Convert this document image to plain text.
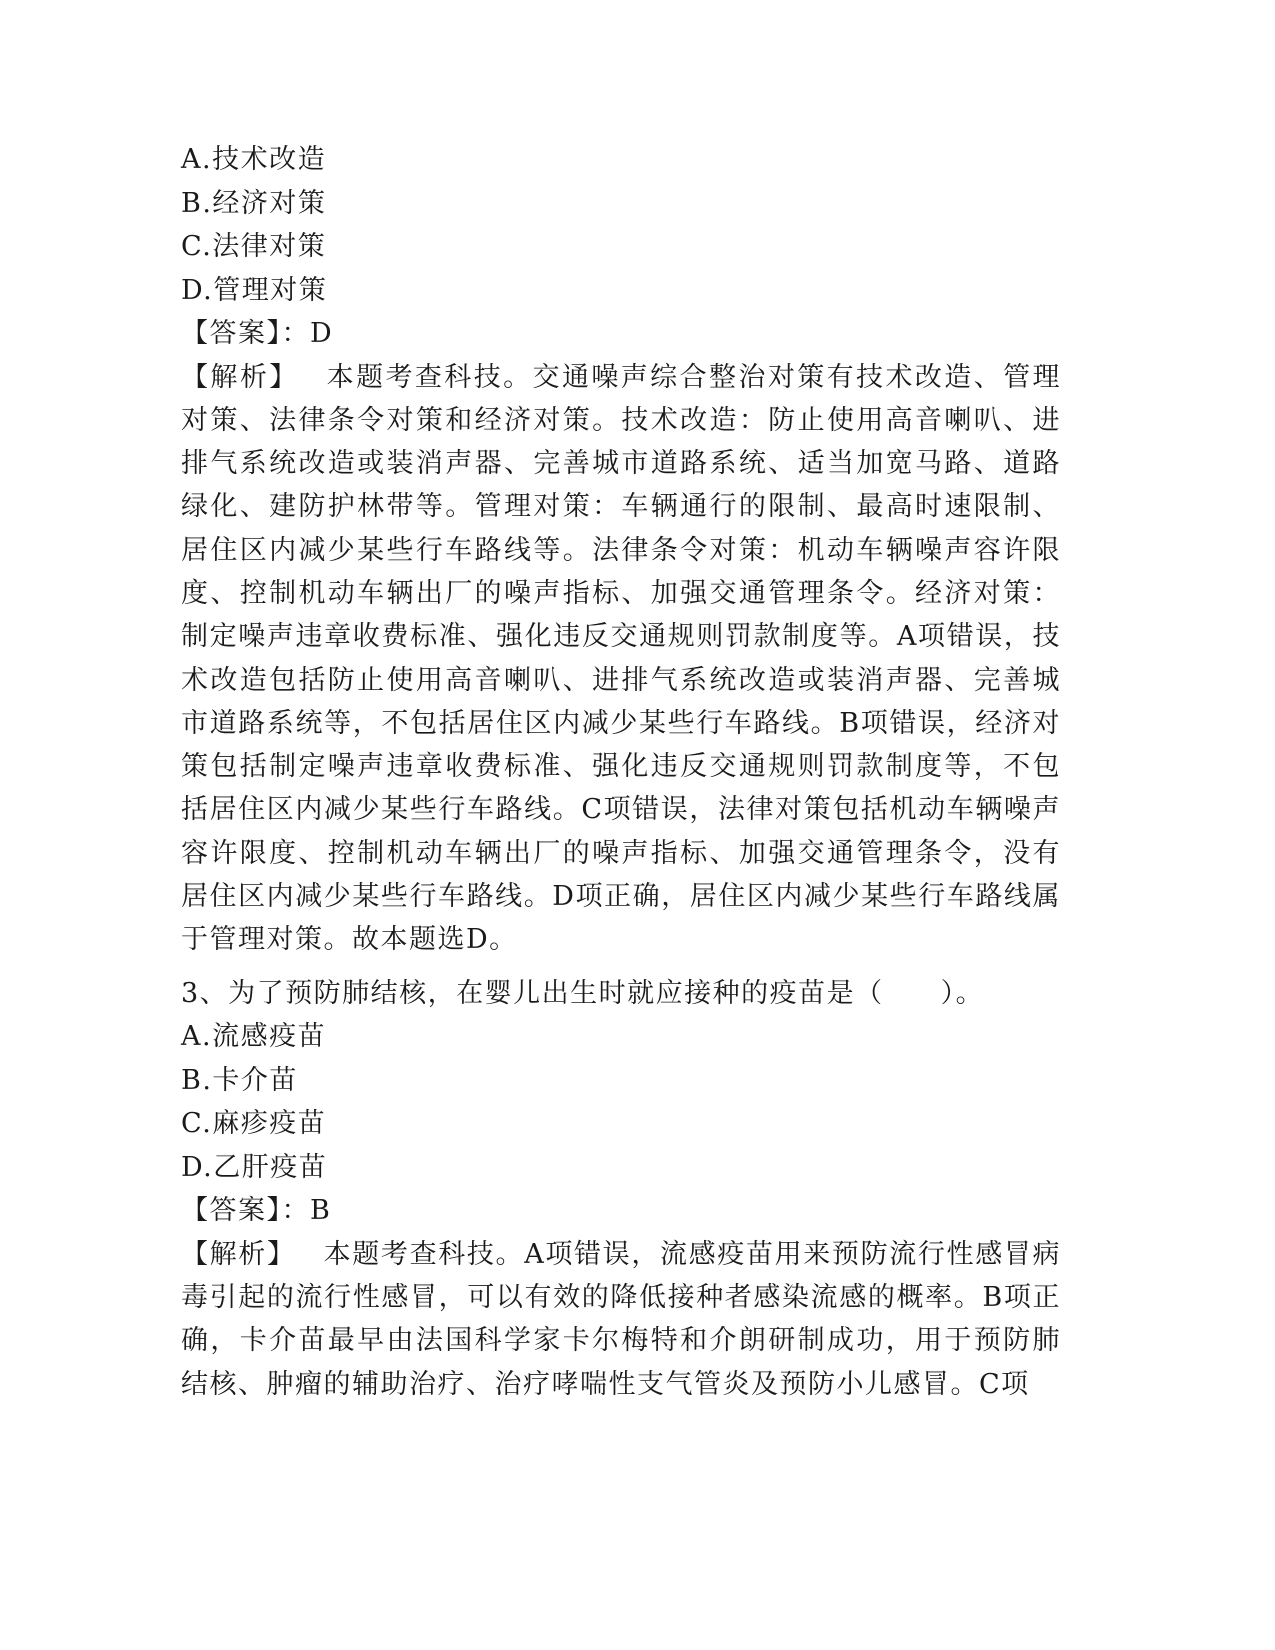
A.技术改造
B.经济对策
C.法律对策
D.管理对策
【答案】：D
【解析】 本题考查科技。交通噪声综合整治对策有技术改造、管理对策、法律条令对策和经济对策。技术改造：防止使用高音喇叭、进排气系统改造或装消声器、完善城市道路系统、适当加宽马路、道路绿化、建防护林带等。管理对策：车辆通行的限制、最高时速限制、居住区内减少某些行车路线等。法律条令对策：机动车辆噪声容许限度、控制机动车辆出厂的噪声指标、加强交通管理条令。经济对策：制定噪声违章收费标准、强化违反交通规则罚款制度等。A项错误，技术改造包括防止使用高音喇叭、进排气系统改造或装消声器、完善城市道路系统等，不包括居住区内减少某些行车路线。B项错误，经济对策包括制定噪声违章收费标准、强化违反交通规则罚款制度等，不包括居住区内减少某些行车路线。C项错误，法律对策包括机动车辆噪声容许限度、控制机动车辆出厂的噪声指标、加强交通管理条令，没有居住区内减少某些行车路线。D项正确，居住区内减少某些行车路线属于管理对策。故本题选D。
3、为了预防肺结核，在婴儿出生时就应接种的疫苗是（　　）。
A.流感疫苗
B.卡介苗
C.麻疹疫苗
D.乙肝疫苗
【答案】：B
【解析】 本题考查科技。A项错误，流感疫苗用来预防流行性感冒病毒引起的流行性感冒，可以有效的降低接种者感染流感的概率。B项正确，卡介苗最早由法国科学家卡尔梅特和介朗研制成功，用于预防肺结核、肿瘤的辅助治疗、治疗哮喘性支气管炎及预防小儿感冒。C项
